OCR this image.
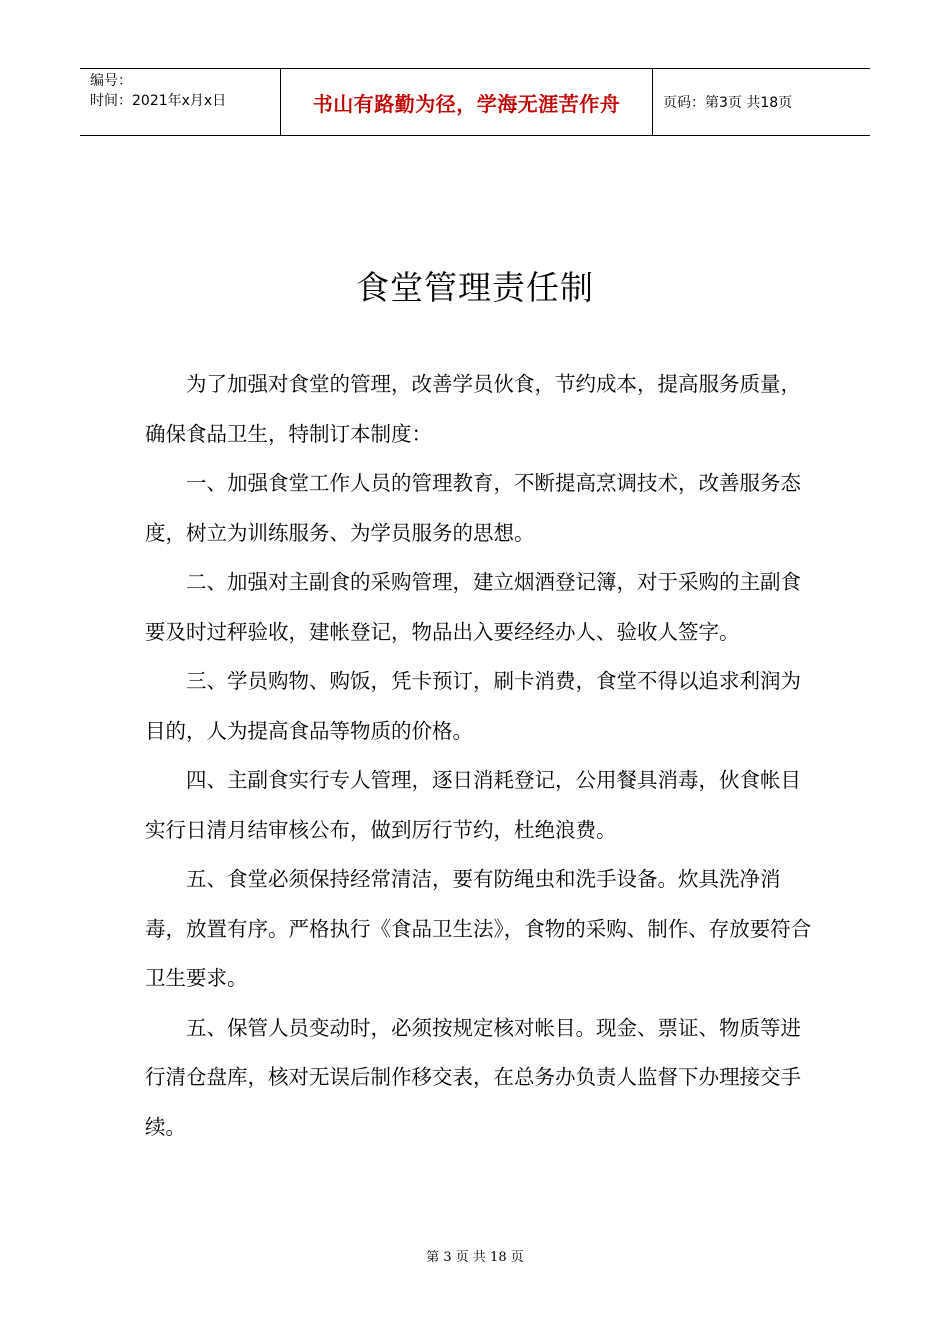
编号：
时间：2021年x月x日	书山有路勤为径，学海无涯苦作舟	页码：第3页 共18页
食堂管理责任制

为了加强对食堂的管理，改善学员伙食，节约成本，提高服务质量，确保食品卫生，特制订本制度：

一、加强食堂工作人员的管理教育，不断提高烹调技术，改善服务态度，树立为训练服务、为学员服务的思想。

二、加强对主副食的采购管理，建立烟酒登记簿，对于采购的主副食要及时过秤验收，建帐登记，物品出入要经经办人、验收人签字。

三、学员购物、购饭，凭卡预订，刷卡消费，食堂不得以追求利润为目的，人为提高食品等物质的价格。

四、主副食实行专人管理，逐日消耗登记，公用餐具消毒，伙食帐目实行日清月结审核公布，做到厉行节约，杜绝浪费。

五、食堂必须保持经常清洁，要有防绳虫和洗手设备。炊具洗净消毒，放置有序。严格执行《食品卫生法》，食物的采购、制作、存放要符合卫生要求。

五、保管人员变动时，必须按规定核对帐目。现金、票证、物质等进行清仓盘库，核对无误后制作移交表，在总务办负责人监督下办理接交手续。

第 3 页 共 18 页
